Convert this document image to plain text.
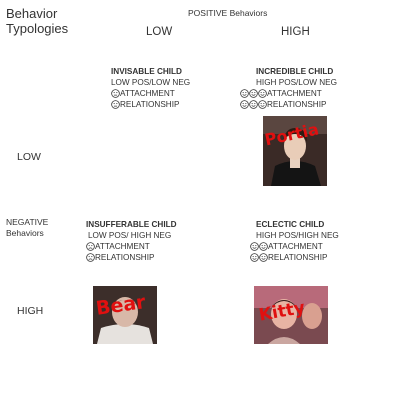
Behavior
Typologies
POSITIVE Behaviors
LOW	HIGH
LOW
NEGATIVE
Behaviors
HIGH
INVISABLE CHILD
LOW POS/LOW NEG
ATTACHMENT
RELATIONSHIP
INCREDIBLE CHILD
HIGH POS/LOW NEG
ATTACHMENT
RELATIONSHIP
Portia
INSUFFERABLE CHILD
LOW POS/ HIGH NEG
ATTACHMENT
RELATIONSHIP
Bear
ECLECTIC CHILD
HIGH POS/HIGH NEG
ATTACHMENT
RELATIONSHIP
Kitty
